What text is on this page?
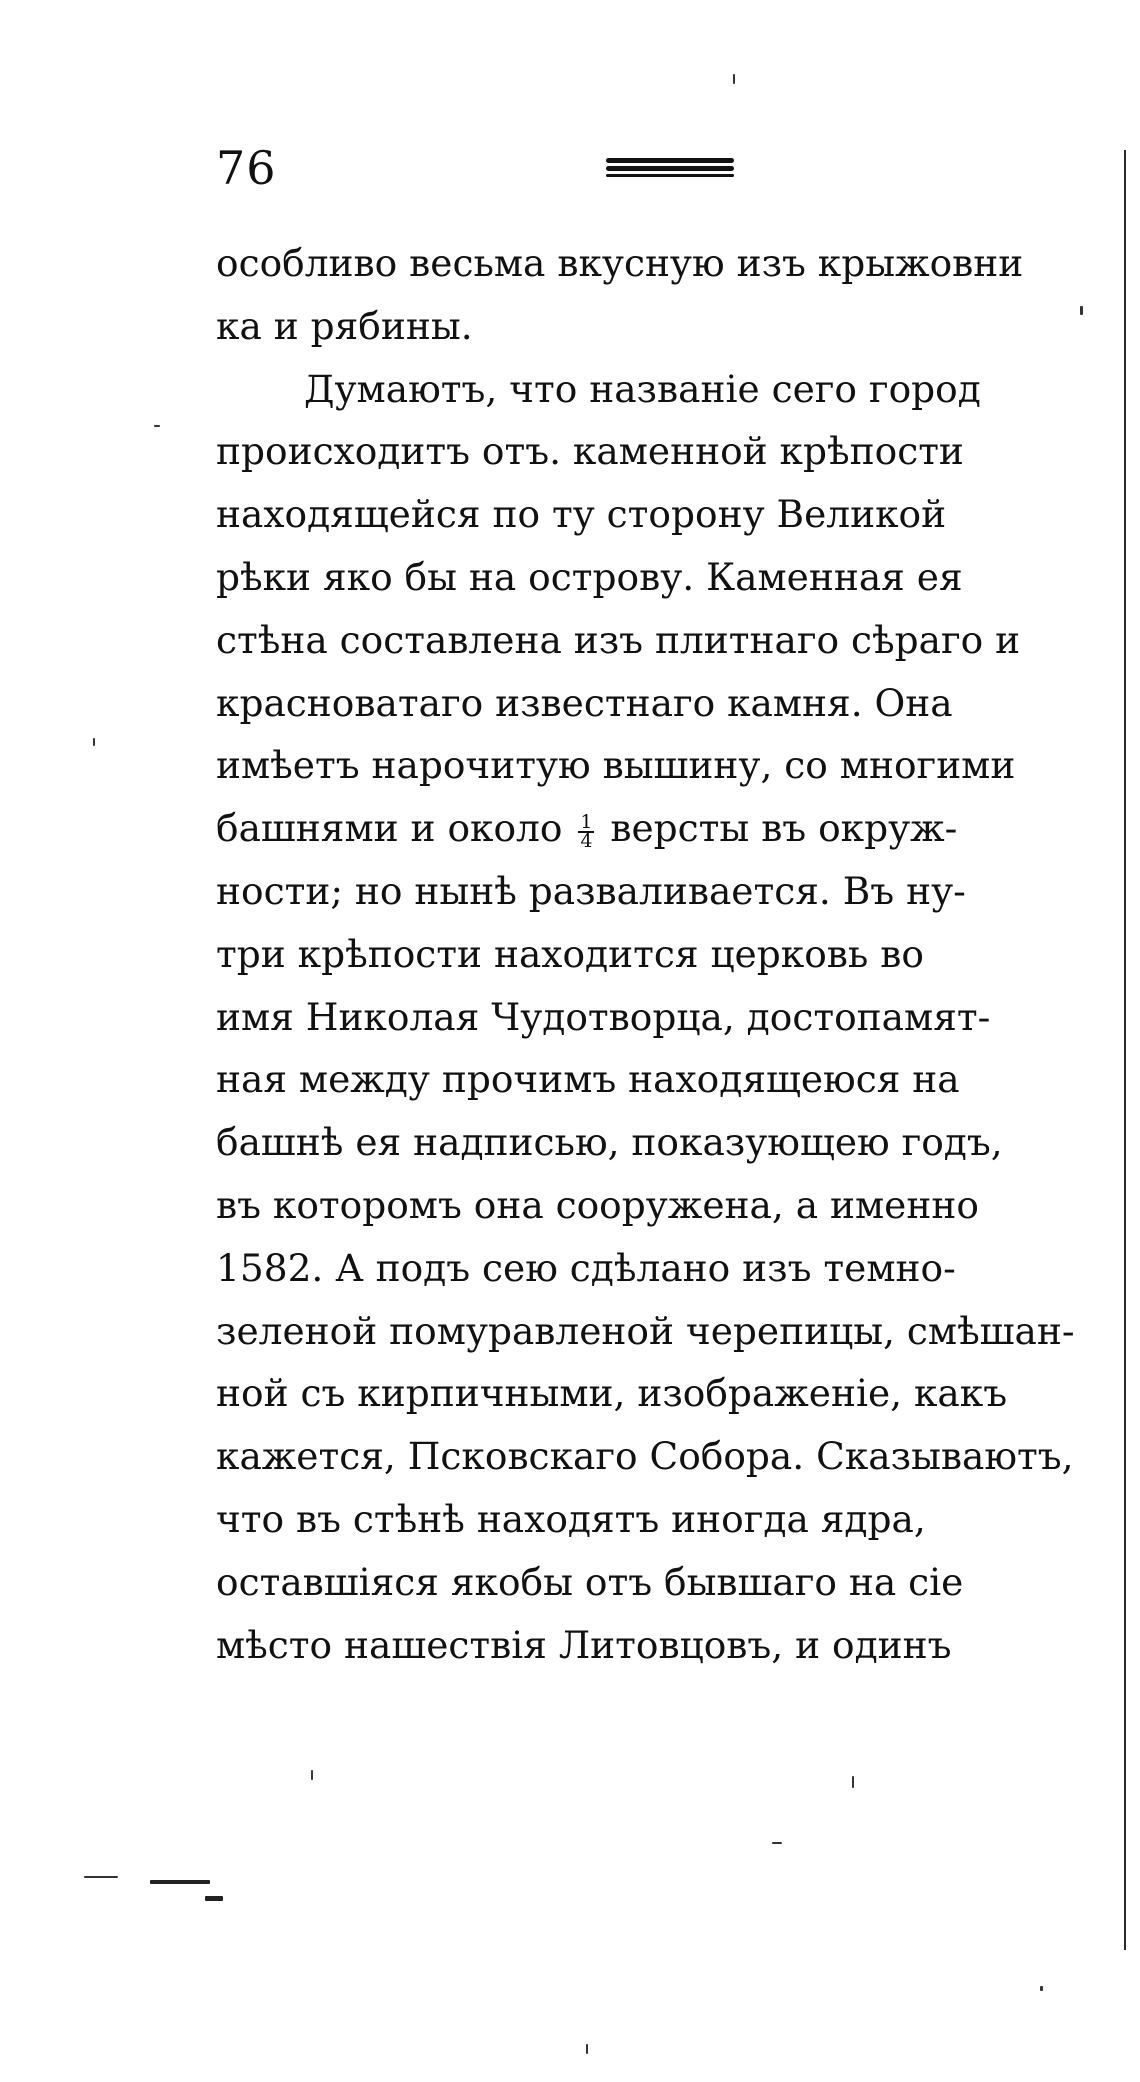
76
особливо весьма вкусную изъ крыжовни
ка и рябины.
Думаютъ, что названiе сего город
происходитъ отъ. каменной крѣпости
находящейся по ту сторону Великой
рѣки яко бы на острову. Каменная ея
стѣна составлена изъ плитнаго сѣраго и
красноватаго известнаго камня. Она
имѣетъ нарочитую вышину, со многими
башнями и около $\frac{1}{4}$ версты въ окруж-
ности; но нынѣ разваливается. Въ ну-
три крѣпости находится церковь во
имя Николая Чудотворца, достопамят-
ная между прочимъ находящеюся на
башнѣ ея надписью, показующею годъ,
въ которомъ она сооружена, а именно
1582. А подъ сею сдѣлано изъ темно-
зеленой помуравленой черепицы, смѣшан-
ной съ кирпичными, изображенiе, какъ
кажется, Псковскаго Собора. Сказываютъ,
что въ стѣнѣ находятъ иногда ядра,
оставшiяся якобы отъ бывшаго на сiе
мѣсто нашествiя Литовцовъ, и одинъ
